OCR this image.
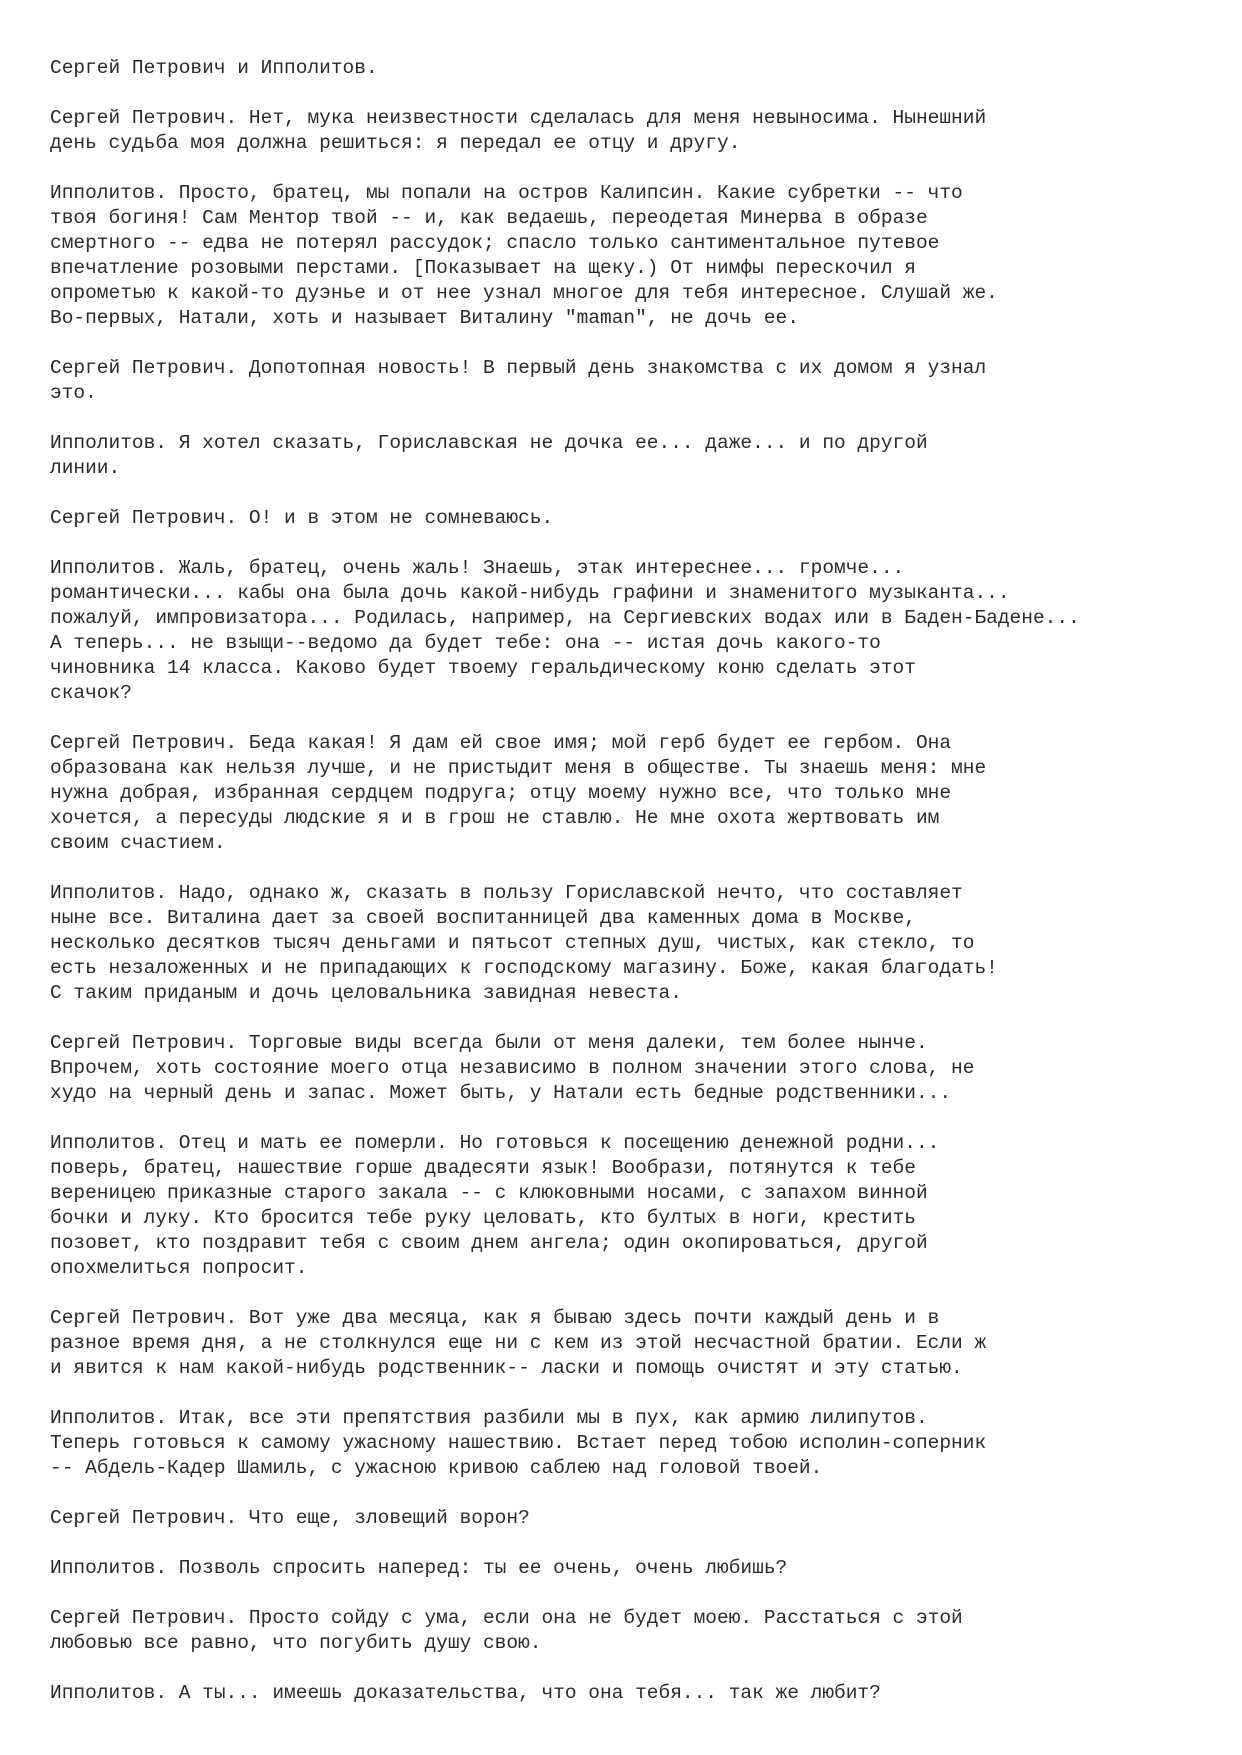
Сергей Петрович и Ипполитов.

Сергей Петрович. Нет, мука неизвестности сделалась для меня невыносима. Нынешний
день судьба моя должна решиться: я передал ее отцу и другу.

Ипполитов. Просто, братец, мы попали на остров Калипсин. Какие субретки -- что
твоя богиня! Сам Ментор твой -- и, как ведаешь, переодетая Минерва в образе
смертного -- едва не потерял рассудок; спасло только сантиментальное путевое
впечатление розовыми перстами. [Показывает на щеку.) От нимфы перескочил я
опрометью к какой-то дуэнье и от нее узнал многое для тебя интересное. Слушай же.
Во-первых, Натали, хоть и называет Виталину "maman", не дочь ее.

Сергей Петрович. Допотопная новость! В первый день знакомства с их домом я узнал
это.

Ипполитов. Я хотел сказать, Гориславская не дочка ее... даже... и по другой
линии.

Сергей Петрович. О! и в этом не сомневаюсь.

Ипполитов. Жаль, братец, очень жаль! Знаешь, этак интереснее... громче...
романтически... кабы она была дочь какой-нибудь графини и знаменитого музыканта...
пожалуй, импровизатора... Родилась, например, на Сергиевских водах или в Баден-Бадене...
А теперь... не взыщи--ведомо да будет тебе: она -- истая дочь какого-то
чиновника 14 класса. Каково будет твоему геральдическому коню сделать этот
скачок?

Сергей Петрович. Беда какая! Я дам ей свое имя; мой герб будет ее гербом. Она
образована как нельзя лучше, и не пристыдит меня в обществе. Ты знаешь меня: мне
нужна добрая, избранная сердцем подруга; отцу моему нужно все, что только мне
хочется, а пересуды людские я и в грош не ставлю. Не мне охота жертвовать им
своим счастием.

Ипполитов. Надо, однако ж, сказать в пользу Гориславской нечто, что составляет
ныне все. Виталина дает за своей воспитанницей два каменных дома в Москве,
несколько десятков тысяч деньгами и пятьсот степных душ, чистых, как стекло, то
есть незаложенных и не припадающих к господскому магазину. Боже, какая благодать!
С таким приданым и дочь целовальника завидная невеста.

Сергей Петрович. Торговые виды всегда были от меня далеки, тем более нынче.
Впрочем, хоть состояние моего отца независимо в полном значении этого слова, не
худо на черный день и запас. Может быть, у Натали есть бедные родственники...

Ипполитов. Отец и мать ее померли. Но готовься к посещению денежной родни...
поверь, братец, нашествие горше двадесяти язык! Вообрази, потянутся к тебе
вереницею приказные старого закала -- с клюковными носами, с запахом винной
бочки и луку. Кто бросится тебе руку целовать, кто бултых в ноги, крестить
позовет, кто поздравит тебя с своим днем ангела; один окопироваться, другой
опохмелиться попросит.

Сергей Петрович. Вот уже два месяца, как я бываю здесь почти каждый день и в
разное время дня, а не столкнулся еще ни с кем из этой несчастной братии. Если ж
и явится к нам какой-нибудь родственник-- ласки и помощь очистят и эту статью.

Ипполитов. Итак, все эти препятствия разбили мы в пух, как армию лилипутов.
Теперь готовься к самому ужасному нашествию. Встает перед тобою исполин-соперник
-- Абдель-Кадер Шамиль, с ужасною кривою саблею над головой твоей.

Сергей Петрович. Что еще, зловещий ворон?

Ипполитов. Позволь спросить наперед: ты ее очень, очень любишь?

Сергей Петрович. Просто сойду с ума, если она не будет моею. Расстаться с этой
любовью все равно, что погубить душу свою.

Ипполитов. А ты... имеешь доказательства, что она тебя... так же любит?
